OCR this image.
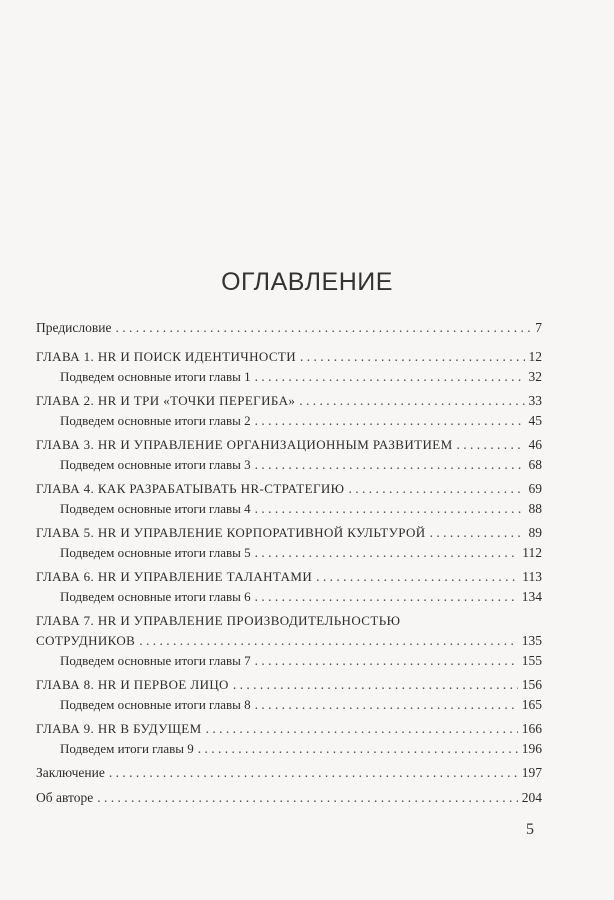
ОГЛАВЛЕНИЕ
Предисловие . . .	7
ГЛАВА 1. HR И ПОИСК ИДЕНТИЧНОСТИ . . .	12
Подведем основные итоги главы 1 . . .	32
ГЛАВА 2. HR И ТРИ «ТОЧКИ ПЕРЕГИБА» . . .	33
Подведем основные итоги главы 2 . . .	45
ГЛАВА 3. HR И УПРАВЛЕНИЕ ОРГАНИЗАЦИОННЫМ РАЗВИТИЕМ . . .	46
Подведем основные итоги главы 3 . . .	68
ГЛАВА 4. КАК РАЗРАБАТЫВАТЬ HR-СТРАТЕГИЮ . . .	69
Подведем основные итоги главы 4 . . .	88
ГЛАВА 5. HR И УПРАВЛЕНИЕ КОРПОРАТИВНОЙ КУЛЬТУРОЙ . . .	89
Подведем основные итоги главы 5 . . .	112
ГЛАВА 6. HR И УПРАВЛЕНИЕ ТАЛАНТАМИ . . .	113
Подведем основные итоги главы 6 . . .	134
ГЛАВА 7. HR И УПРАВЛЕНИЕ ПРОИЗВОДИТЕЛЬНОСТЬЮ
СОТРУДНИКОВ . . .	135
Подведем основные итоги главы 7 . . .	155
ГЛАВА 8. HR И ПЕРВОЕ ЛИЦО . . .	156
Подведем основные итоги главы 8 . . .	165
ГЛАВА 9. HR В БУДУЩЕМ . . .	166
Подведем итоги главы 9 . . .	196
Заключение . . .	197
Об авторе . . .	204
5
